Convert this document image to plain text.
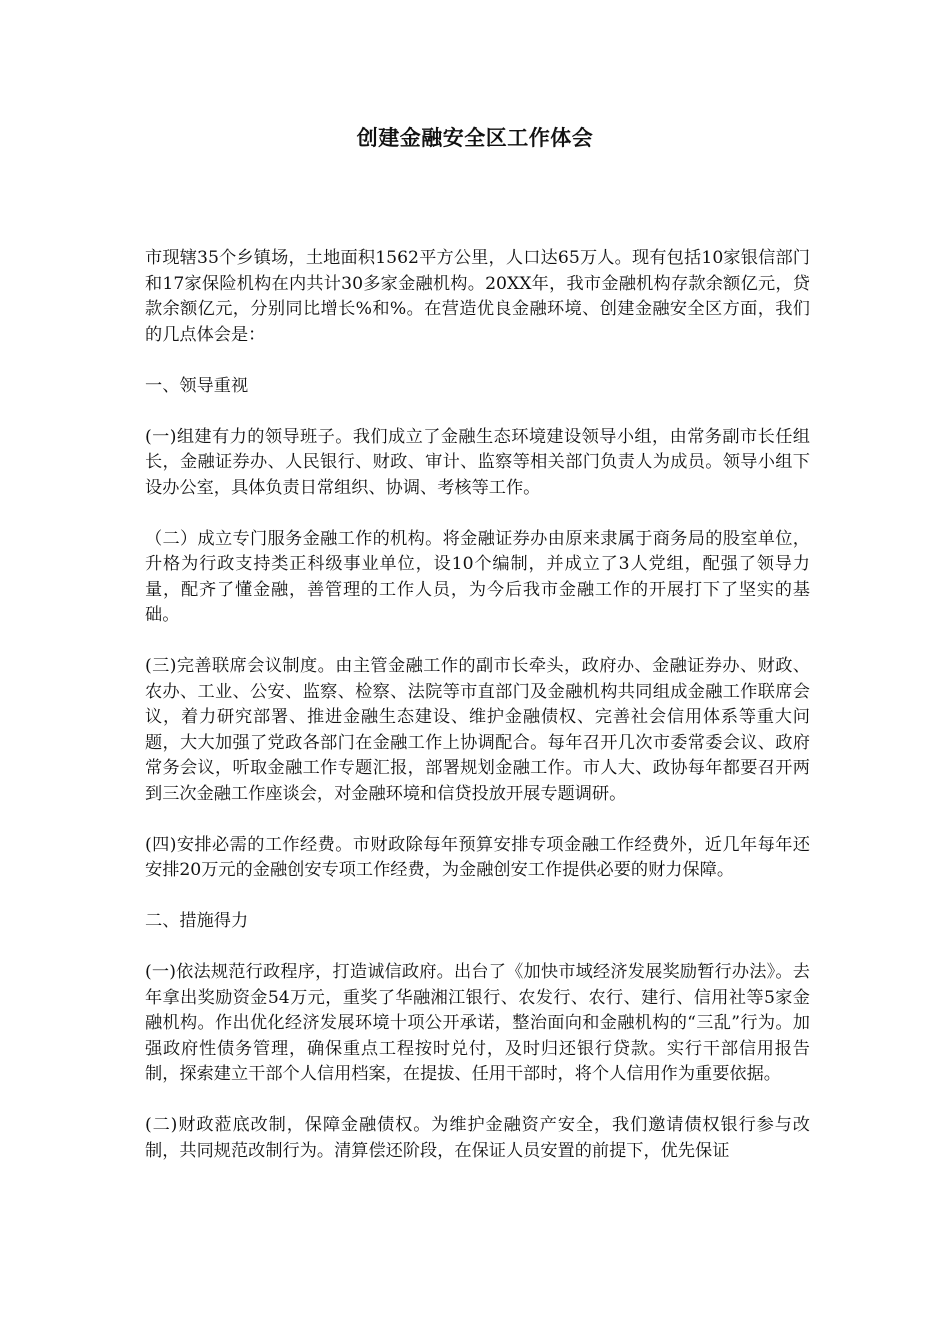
创建金融安全区工作体会

市现辖35个乡镇场，土地面积1562平方公里，人口达65万人。现有包括10家银信部门和17家保险机构在内共计30多家金融机构。20XX年，我市金融机构存款余额亿元，贷款余额亿元，分别同比增长%和%。在营造优良金融环境、创建金融安全区方面，我们的几点体会是：

一、领导重视

(一)组建有力的领导班子。我们成立了金融生态环境建设领导小组，由常务副市长任组长，金融证券办、人民银行、财政、审计、监察等相关部门负责人为成员。领导小组下设办公室，具体负责日常组织、协调、考核等工作。

（二）成立专门服务金融工作的机构。将金融证券办由原来隶属于商务局的股室单位，升格为行政支持类正科级事业单位，设10个编制，并成立了3人党组，配强了领导力量，配齐了懂金融，善管理的工作人员，为今后我市金融工作的开展打下了坚实的基础。

(三)完善联席会议制度。由主管金融工作的副市长牵头，政府办、金融证券办、财政、农办、工业、公安、监察、检察、法院等市直部门及金融机构共同组成金融工作联席会议，着力研究部署、推进金融生态建设、维护金融债权、完善社会信用体系等重大问题，大大加强了党政各部门在金融工作上协调配合。每年召开几次市委常委会议、政府常务会议，听取金融工作专题汇报，部署规划金融工作。市人大、政协每年都要召开两到三次金融工作座谈会，对金融环境和信贷投放开展专题调研。

(四)安排必需的工作经费。市财政除每年预算安排专项金融工作经费外，近几年每年还安排20万元的金融创安专项工作经费，为金融创安工作提供必要的财力保障。

二、措施得力

(一)依法规范行政程序，打造诚信政府。出台了《加快市域经济发展奖励暂行办法》。去年拿出奖励资金54万元，重奖了华融湘江银行、农发行、农行、建行、信用社等5家金融机构。作出优化经济发展环境十项公开承诺，整治面向和金融机构的“三乱”行为。加强政府性债务管理，确保重点工程按时兑付，及时归还银行贷款。实行干部信用报告制，探索建立干部个人信用档案，在提拔、任用干部时，将个人信用作为重要依据。

(二)财政蒞底改制，保障金融债权。为维护金融资产安全，我们邀请债权银行参与改制，共同规范改制行为。清算偿还阶段，在保证人员安置的前提下，优先保证
